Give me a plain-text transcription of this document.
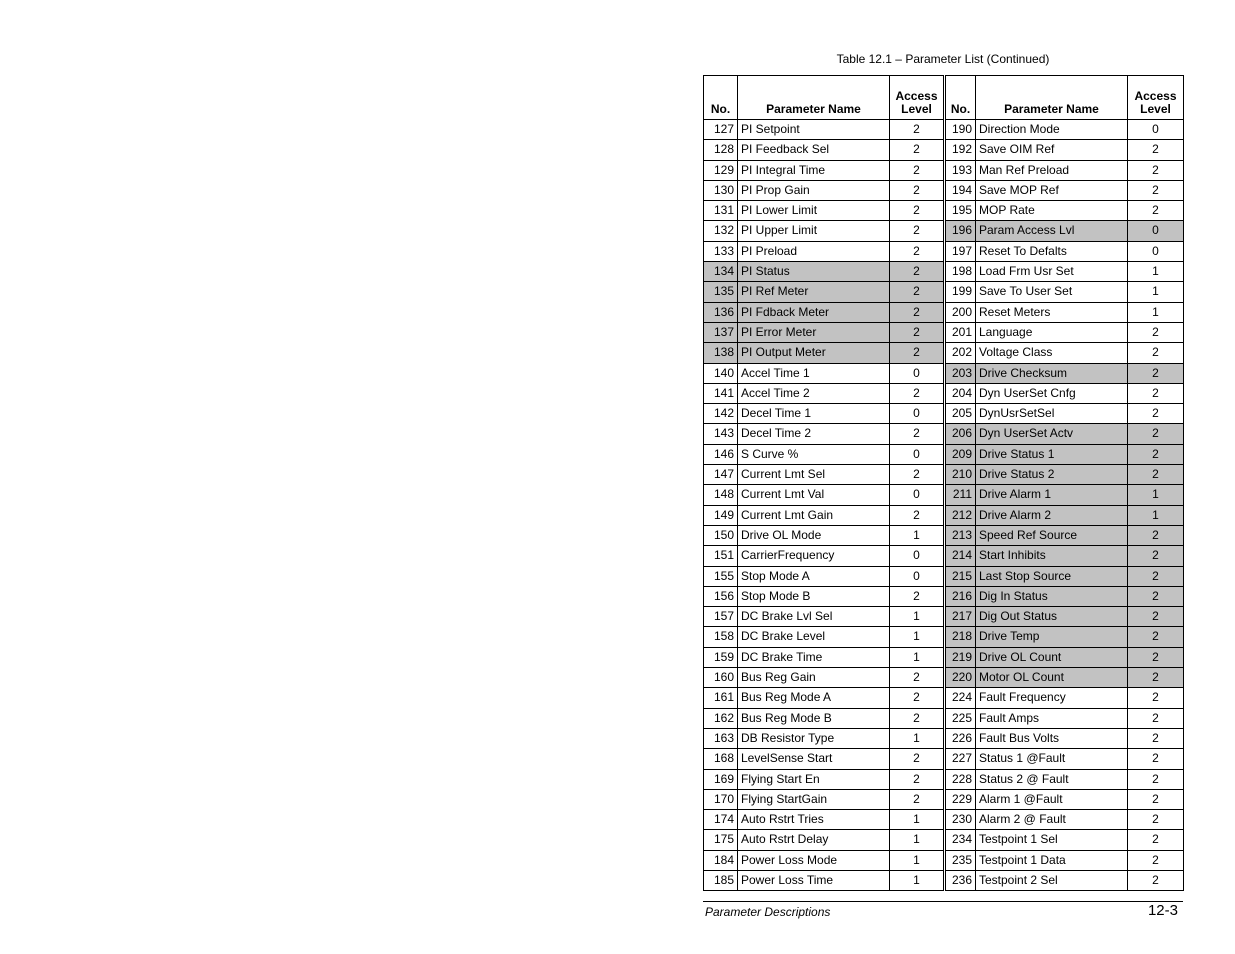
Table 12.1 – Parameter List (Continued)
No.	Parameter Name	Access
Level
127	PI Setpoint	2
128	PI Feedback Sel	2
129	PI Integral Time	2
130	PI Prop Gain	2
131	PI Lower Limit	2
132	PI Upper Limit	2
133	PI Preload	2
134	PI Status	2
135	PI Ref Meter	2
136	PI Fdback Meter	2
137	PI Error Meter	2
138	PI Output Meter	2
140	Accel Time 1	0
141	Accel Time 2	2
142	Decel Time 1	0
143	Decel Time 2	2
146	S Curve %	0
147	Current Lmt Sel	2
148	Current Lmt Val	0
149	Current Lmt Gain	2
150	Drive OL Mode	1
151	CarrierFrequency	0
155	Stop Mode A	0
156	Stop Mode B	2
157	DC Brake Lvl Sel	1
158	DC Brake Level	1
159	DC Brake Time	1
160	Bus Reg Gain	2
161	Bus Reg Mode A	2
162	Bus Reg Mode B	2
163	DB Resistor Type	1
168	LevelSense Start	2
169	Flying Start En	2
170	Flying StartGain	2
174	Auto Rstrt Tries	1
175	Auto Rstrt Delay	1
184	Power Loss Mode	1
185	Power Loss Time	1
No.	Parameter Name	Access
Level
190	Direction Mode	0
192	Save OIM Ref	2
193	Man Ref Preload	2
194	Save MOP Ref	2
195	MOP Rate	2
196	Param Access Lvl	0
197	Reset To Defalts	0
198	Load Frm Usr Set	1
199	Save To User Set	1
200	Reset Meters	1
201	Language	2
202	Voltage Class	2
203	Drive Checksum	2
204	Dyn UserSet Cnfg	2
205	DynUsrSetSel	2
206	Dyn UserSet Actv	2
209	Drive Status 1	2
210	Drive Status 2	2
211	Drive Alarm 1	1
212	Drive Alarm 2	1
213	Speed Ref Source	2
214	Start Inhibits	2
215	Last Stop Source	2
216	Dig In Status	2
217	Dig Out Status	2
218	Drive Temp	2
219	Drive OL Count	2
220	Motor OL Count	2
224	Fault Frequency	2
225	Fault Amps	2
226	Fault Bus Volts	2
227	Status 1 @Fault	2
228	Status 2 @ Fault	2
229	Alarm 1 @Fault	2
230	Alarm 2 @ Fault	2
234	Testpoint 1 Sel	2
235	Testpoint 1 Data	2
236	Testpoint 2 Sel	2
Parameter Descriptions	12-3
